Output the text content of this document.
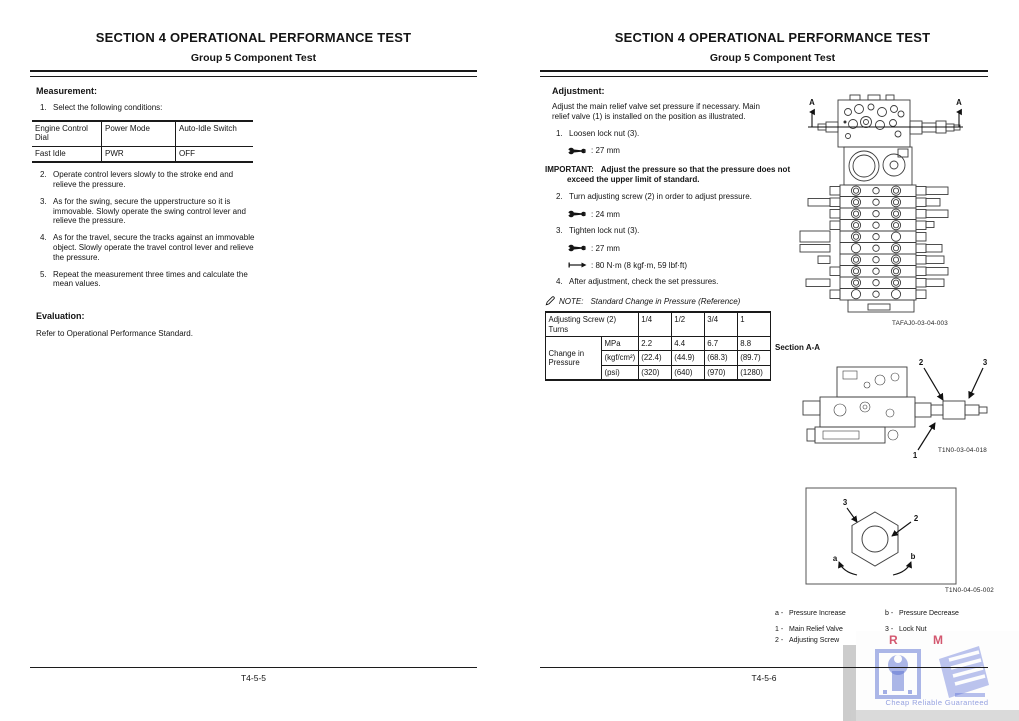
R M
Cheap Reliable Guaranteed
SECTION 4 OPERATIONAL PERFORMANCE TEST
Group 5 Component Test
Measurement:
1. Select the following conditions:
Engine Control Dial	Power Mode	Auto-Idle Switch
Fast Idle	PWR	OFF
2. Operate control levers slowly to the stroke end and relieve the pressure.
3. As for the swing, secure the upperstructure so it is immovable. Slowly operate the swing control lever and relieve the pressure.
4. As for the travel, secure the tracks against an immovable object. Slowly operate the travel control lever and relieve the pressure.
5. Repeat the measurement three times and calculate the mean values.
Evaluation:
Refer to Operational Performance Standard.
T4-5-5
SECTION 4 OPERATIONAL PERFORMANCE TEST
Group 5 Component Test
Adjustment:
Adjust the main relief valve set pressure if necessary. Main relief valve (1) is installed on the position as illustrated.
1. Loosen lock nut (3).
: 27 mm
IMPORTANT: Adjust the pressure so that the pressure does not exceed the upper limit of standard.
2. Turn adjusting screw (2) in order to adjust pressure.
: 24 mm
3. Tighten lock nut (3).
: 27 mm
: 80 N·m (8 kgf·m, 59 lbf·ft)
4. After adjustment, check the set pressures.
NOTE: Standard Change in Pressure (Reference)
Adjusting Screw (2) Turns		1/4	1/2	3/4	1
Change in Pressure	MPa	2.2	4.4	6.7	8.8
	(kgf/cm²)	(22.4)	(44.9)	(68.3)	(89.7)
	(psi)	(320)	(640)	(970)	(1280)
A	A
TAFAJ0-03-04-003
Section A-A
2	3
1
T1N0-03-04-018
3
2
a	b
T1N0-04-05-002
a - Pressure Increase	b - Pressure Decrease
1 - Main Relief Valve	3 - Lock Nut
2 - Adjusting Screw
T4-5-6
